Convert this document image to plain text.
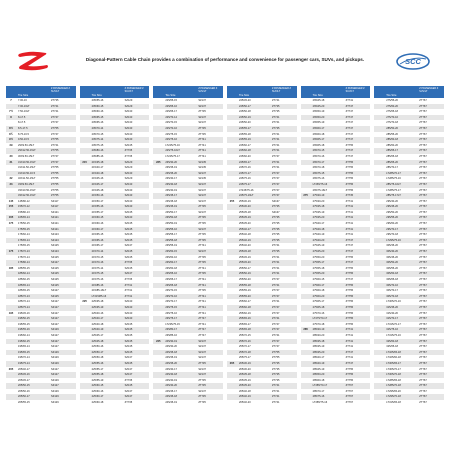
Diagonal-Pattern Cable Chain provides a combination of performance and convenience for passenger cars, SUVs, and pickups.	SCC
Tire Size
Z PASSENGER Z SUV/LT
7	7.00-16	ZT735
7.00-16LT	ZT741
7½	7.50-16LT	ZT741
8	8-17.5	ZT747
8-17.5	ZT747
8½	8.5-17.5	ZT755
8¾	8.75-16.5	ZT747
9½	9.50-16.5	ZT755
29	29X9.50-15LT	ZT741
29X12.50-15LT	ZT755
30	30X9.50-15LT	ZT747
31	31X10.50-15LT	ZT747
31X11.50-15LT	ZT755
31X10.50-16.5	ZT755
32	32X11.50-15LT	ZT755
33	33X9.50-15LT	ZT755
33X10.50-15LT	ZT755
33X12.50-15LT	ZT755
145	145/80-12	SZ117
155	155/70-12	SZ117
155/80-13	SZ121
165	165/65-14	SZ121
175	175/50-15	SZ121
175/55-15	SZ121
175/60-14	SZ123
175/65-14	SZ123
175/65-15	SZ125
175	175/70-13	SZ123
175/70-14	SZ125
175/80-14	SZ127
185	185/55-15	SZ125
185/60-14	SZ125
185/60-15	SZ125
185/65-14	SZ125
185/65-15	SZ127
185/70-13	SZ125
185/70-14	SZ127
185/75-14	SZ127
195	195/45-16	SZ127
195/50-15	SZ127
195/55-15	SZ127
195/55-16	SZ129
195/60-14	SZ127
195/60-15	SZ127
195/65-14	SZ127
195/65-15	SZ129
195/70-14	SZ129
195/75-14	SZ129
205	205/40-17	SZ127
205/45-16	SZ127
205/45-17	SZ129
205/50-15	SZ127
205/50-16	SZ129
205/50-17	SZ129
205/55-15	SZ129
Tire Size
Z PASSENGER Z SUV/LT
205/55-16	SZ129
205/60-15	SZ129
205/60-16	SZ133
205/65-15	SZ133
205/65-16	SZ133
205/70-14	SZ133
205/70-15	SZ133
205/75-14	SZ133
205/75-15	SZ135
205/80-16	ZT735
205/85-16	ZT735
215	215/35-18	SZ129
215/40-17	SZ129
215/40-18	SZ133
215/45-16	SZ129
215/45-17	SZ133
215/45-18	SZ133
215/50-16	SZ133
215/50-17	SZ133
215/55-16	SZ133
215/55-17	SZ135
215/60-15	SZ133
215/60-16	SZ135
215/60-17	SZ135
215/65-15	SZ135
215/65-16	SZ135
215/65-17	SZ137
215/70-14	SZ135
215/70-15	SZ135
215/70-16	ZT735
215/75-14	SZ135
215/75-15	SZ137
215/75-16	ZT735
215/85-16	ZT741
215/85-16LT	ZT741
LT215/85-16	ZT741
225	225/35-18	SZ133
225/35-19	SZ133
225/40-16	SZ133
225/40-17	SZ133
225/40-18	SZ135
225/40-19	SZ135
225/45-17	SZ135
225/45-18	SZ135
225/50-16	SZ135
225/50-17	SZ135
225/50-18	SZ137
225/55-16	SZ135
225/55-17	SZ137
225/55-18	SZ137
225/55-19	ZT735
225/60-15	SZ135
225/60-16	SZ137
225/60-17	SZ137
225/60-18	ZT735
Tire Size
Z PASSENGER Z SUV/LT
225/65-15	SZ137
225/65-16	SZ137
225/65-17	ZT735
225/70-14	SZ137
225/70-15	SZ137
225/70-16	ZT735
225/75-15	ZT735
225/75-16	ZT741
LT225/75-16	ZT741
225/75-16LT	ZT741
LT225/75-17	ZT741
235	235/30-20	SZ135
235/35-19	SZ135
235/35-20	SZ137
235/40-17	SZ135
235/40-18	SZ137
235/40-19	SZ137
235/45-17	SZ137
235/45-18	SZ137
235/45-19	ZT735
235/50-17	SZ137
235/50-18	ZT735
235/50-19	ZT735
235/55-16	SZ137
235/55-17	ZT735
235/55-18	ZT735
235/55-19	ZT741
235/60-15	SZ137
235/60-16	ZT735
235/60-17	ZT735
235/60-18	ZT741
235/65-16	ZT735
235/65-17	ZT741
235/65-18	ZT741
235/70-15	ZT735
235/70-16	ZT741
235/70-17	ZT741
235/75-15	ZT741
235/75-16	ZT741
235/75-17	ZT747
LT235/75-15	ZT741
235/80-17	ZT747
235/85-16	ZT747
245	245/30-19	SZ137
245/30-20	SZ137
245/35-18	SZ137
245/35-19	SZ137
245/35-20	ZT735
245/40-17	SZ137
245/40-18	SZ137
245/40-19	ZT735
245/40-20	ZT735
245/45-17	SZ137
245/45-18	ZT735
245/45-19	ZT735
Tire Size
Z PASSENGER Z SUV/LT
245/45-20	ZT741
245/50-17	ZT735
245/50-18	ZT735
245/50-19	ZT741
245/50-20	ZT741
245/55-17	ZT735
245/55-18	ZT741
245/55-19	ZT741
245/60-17	ZT741
245/60-18	ZT741
245/60-20	ZT747
245/65-17	ZT741
245/70-16	ZT741
245/70-17	ZT747
245/75-16	ZT747
245/75-17	ZT747
LT245/75-16	ZT747
245/75-16LT	ZT747
255	255/30-19	SZ137
255/30-20	ZT735
255/35-18	SZ137
255/35-19	ZT735
255/35-20	ZT735
255/40-17	ZT735
255/40-18	ZT735
255/40-19	ZT735
255/40-20	ZT741
255/45-18	ZT735
255/45-19	ZT741
255/45-20	ZT741
255/50-17	ZT741
255/50-19	ZT741
255/50-20	ZT747
255/55-18	ZT741
255/55-19	ZT747
255/55-20	ZT747
255/60-17	ZT741
255/60-18	ZT747
255/60-19	ZT747
255/65-16	ZT741
255/65-17	ZT747
255/65-18	ZT747
255/70-15	ZT741
255/70-16	ZT747
255/70-17	ZT747
255/70-18	ZT755
255/75-17	ZT755
265	265/30-19	ZT735
265/30-20	ZT735
265/35-18	ZT735
265/35-19	ZT735
265/35-20	ZT741
265/40-18	ZT741
265/40-19	ZT741
265/40-20	ZT741
Tire Size
Z PASSENGER Z SUV/LT
265/45-18	ZT741
265/45-20	ZT747
265/50-19	ZT747
265/50-20	ZT747
265/55-19	ZT747
265/60-17	ZT747
265/60-18	ZT747
265/65-17	ZT747
265/65-18	ZT755
265/70-15	ZT747
265/70-16	ZT747
265/70-17	ZT755
265/70-18	ZT755
265/75-15	ZT755
265/75-16	ZT755
LT265/75-16	ZT755
265/75-16LT	ZT755
275	275/30-19	ZT735
275/30-20	ZT741
275/35-18	ZT741
275/35-19	ZT741
275/35-20	ZT741
275/40-17	ZT741
275/40-18	ZT741
275/40-19	ZT741
275/40-20	ZT747
275/45-19	ZT747
275/45-20	ZT747
275/50-20	ZT755
275/55-17	ZT747
275/55-18	ZT755
275/55-20	ZT755
275/60-15	ZT747
275/60-17	ZT755
275/60-18	ZT755
275/60-20	ZT755
275/65-17	ZT755
275/65-18	ZT755
275/70-16	ZT755
LT275/70-17	ZT755
275/70-18	ZT755
285	285/30-19	ZT741
285/30-20	ZT741
285/35-18	ZT741
285/35-19	ZT741
285/35-20	ZT747
285/40-17	ZT741
285/40-19	ZT747
285/45-19	ZT755
285/50-20	ZT755
285/60-18	ZT755
LT285/70-17	ZT767
285/70-17	ZT767
285/75-16	ZT767
LT285/75-16	ZT767
Tire Size
Z PASSENGER Z SUV/LT
275/55-20	ZT767
275/60-20	ZT767
275/65-18	ZT767
275/70-16	ZT767
275/70-18	ZT767
285/50-20	ZT767
285/55-20	ZT767
285/60-18	ZT767
285/60-20	ZT767
285/65-17	ZT767
285/65-18	ZT767
285/65-20	ZT767
285/70-17	ZT767
LT285/70-17	ZT767
LT285/75-16	ZT767
285/75-16LT	ZT767
LT285/75-17	ZT767
285/75-17LT	ZT767
295/40-20	ZT767
295/45-20	ZT767
295/50-20	ZT767
295/55-20	ZT767
295/60-20	ZT767
295/70-17	ZT767
295/70-18	ZT767
LT295/75-16	ZT767
305/35-20	ZT767
305/40-20	ZT767
305/45-20	ZT767
305/50-20	ZT767
305/55-20	ZT767
305/60-18	ZT767
305/65-18	ZT767
305/70-16	ZT767
305/70-17	ZT767
305/70-18	ZT767
LT305/70-16	ZT767
315/35-20	ZT767
315/40-20	ZT767
315/70-17	ZT767
LT315/70-17	ZT767
315/75-16	ZT767
LT315/75-16	ZT767
325/60-18	ZT767
325/65-18	ZT767
LT325/65-18	ZT767
LT325/60-18	ZT767
LT305/65-17	ZT767
LT305/70-17	ZT767
LT305/70-18	ZT767
LT285/65-18	ZT767
LT285/70-18	ZT767
LT295/65-20	ZT767
LT295/70-18	ZT767
LT315/65-18	ZT767
